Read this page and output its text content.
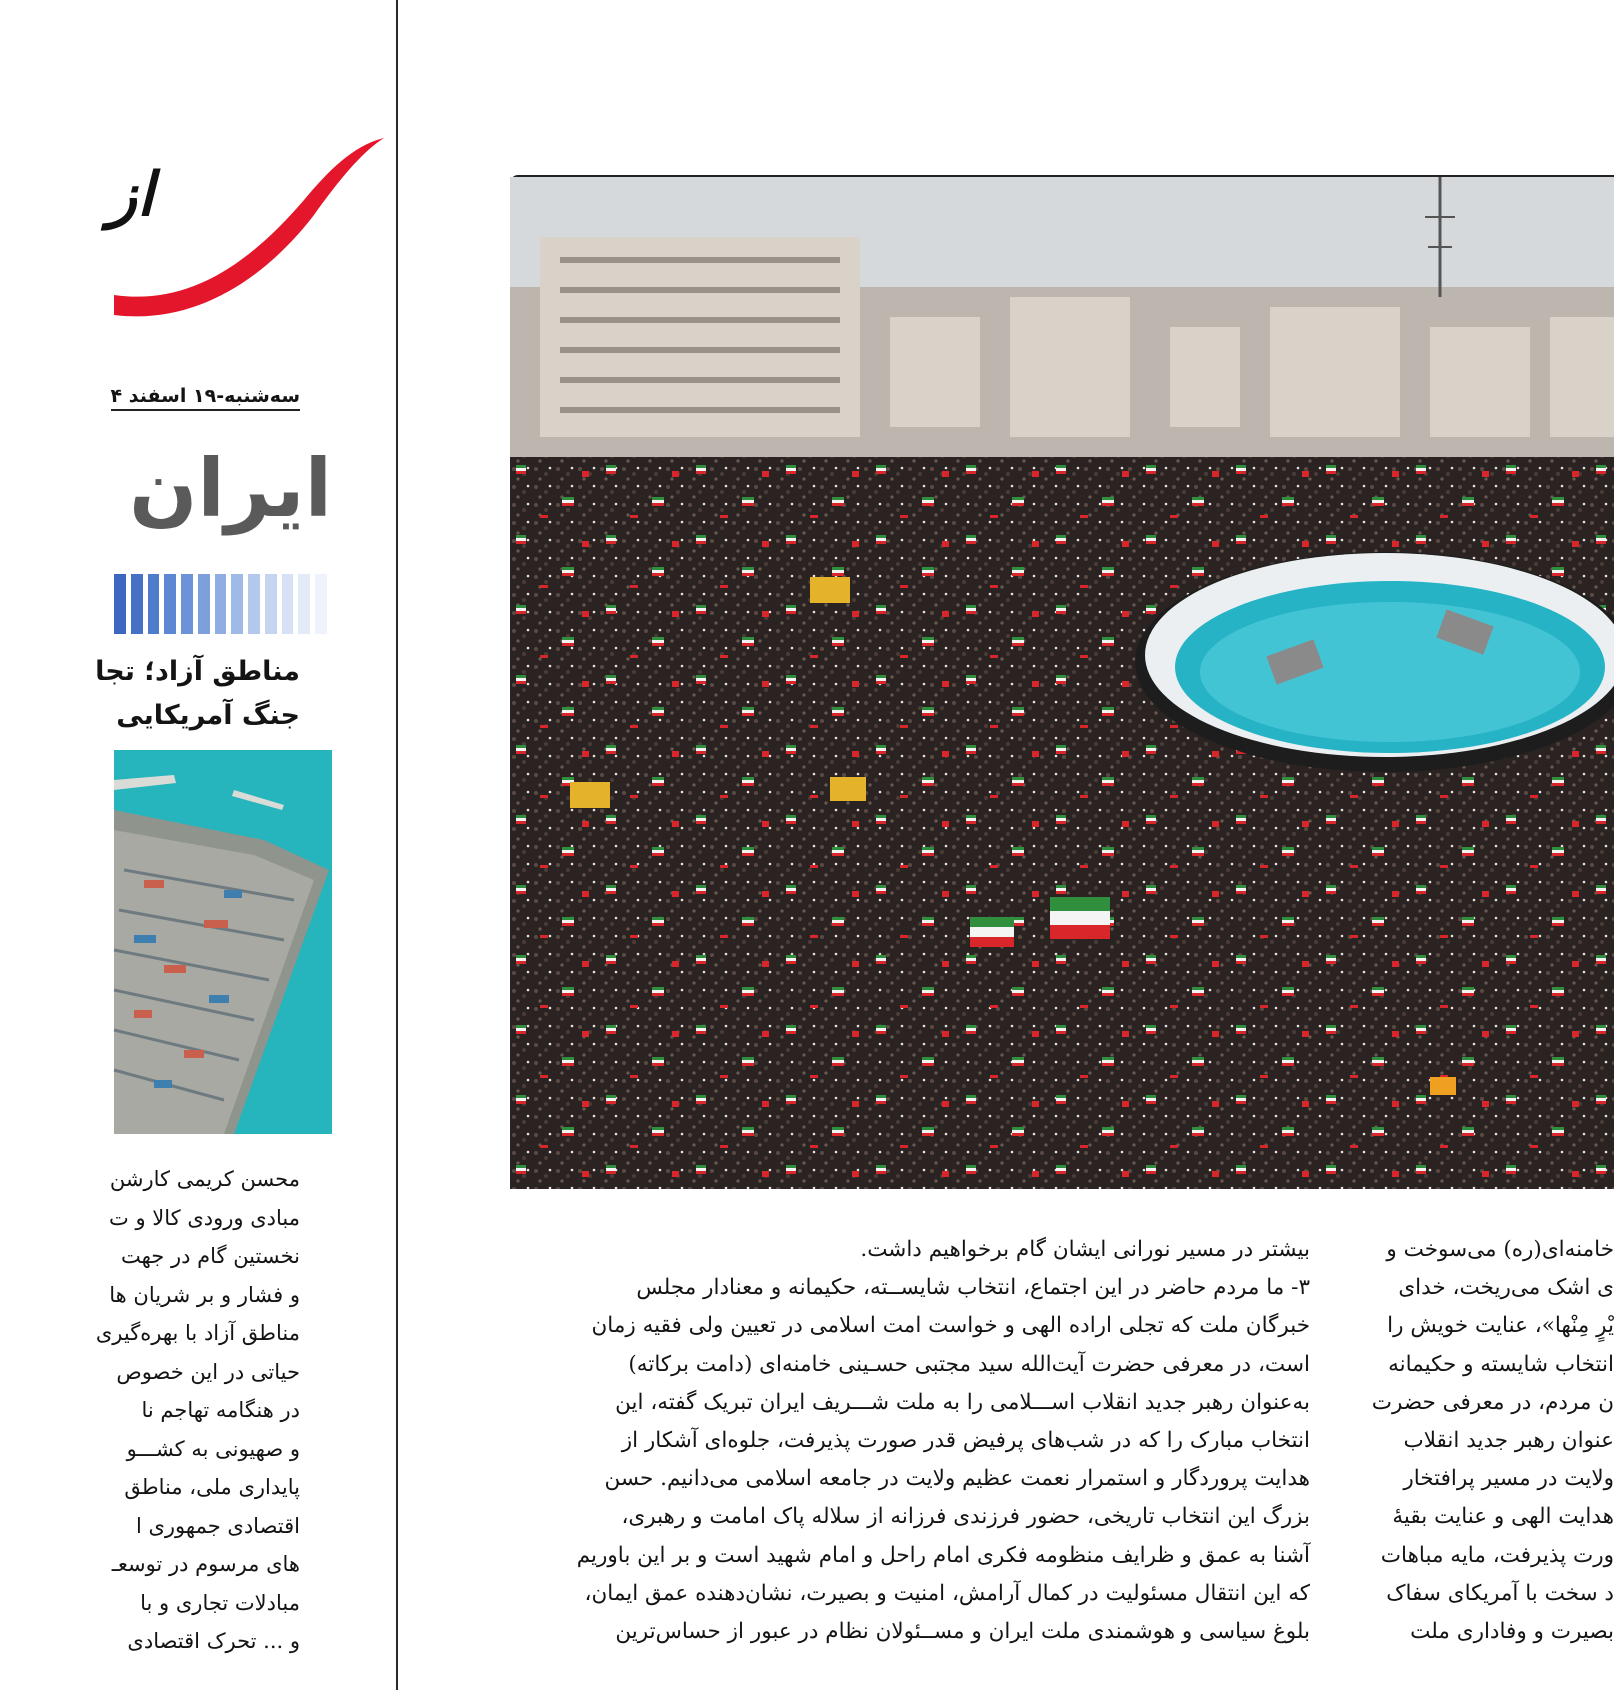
از
سه‌شنبه-۱۹ اسفند ۴
ایران
مناطق آزاد؛ تجا
جنگ آمریکایی
محسن کریمی کارشن
مبادی ورودی کالا و ت
نخستین گام در جهت
و فشار و بر شریان ها
مناطق آزاد با بهره‌گیری
حیاتی در این خصوص
در هنگامه تهاجم نا
و صهیونی به کشـــو
پایداری ملی، مناطق
اقتصادی جمهوری ا
های مرسوم در توسعـ
مبادلات تجاری و با
و ... تحرک اقتصادی
بیشتر در مسیر نورانی ایشان گام برخواهیم داشت.
۳- ما مردم حاضر در این اجتماع، انتخاب شایســته، حکیمانه و معنادار مجلس
خبرگان ملت که تجلی اراده الهی و خواست امت اسلامی در تعیین ولی فقیه زمان
است، در معرفی حضرت آیت‌الله سید مجتبی حسـینی خامنه‌ای (دامت برکاته)
به‌عنوان رهبر جدید انقلاب اســـلامی را به ملت شـــریف ایران تبریک گفته، این
انتخاب مبارک را که در شب‌های پرفیض قدر صورت پذیرفت، جلوه‌ای آشکار از
هدایت پروردگار و استمرار نعمت عظیم ولایت در جامعه اسلامی می‌دانیم. حسن
بزرگ این انتخاب تاریخی، حضور فرزندی فرزانه از سلاله پاک امامت و رهبری،
آشنا به عمق و ظرایف منظومه فکری امام راحل و امام شهید است و بر این باوریم
که این انتقال مسئولیت در کمال آرامش، امنیت و بصیرت، نشان‌دهنده عمق ایمان،
بلوغ سیاسی و هوشمندی ملت ایران و مســئولان نظام در عبور از حساس‌ترین
خامنه‌ای(ره) می‌سوخت و
ی اشک می‌ریخت، خدای
یْرٍ مِنْها»، عنایت خویش را
انتخاب شایسته و حکیمانه
ن مردم، در معرفی حضرت
عنوان رهبر جدید انقلاب
ولایت در مسیر پرافتخار
هدایت الهی و عنایت بقیهٔ
ورت پذیرفت، مایه مباهات
د سخت با آمریکای سفاک
بصیرت و وفاداری ملت
